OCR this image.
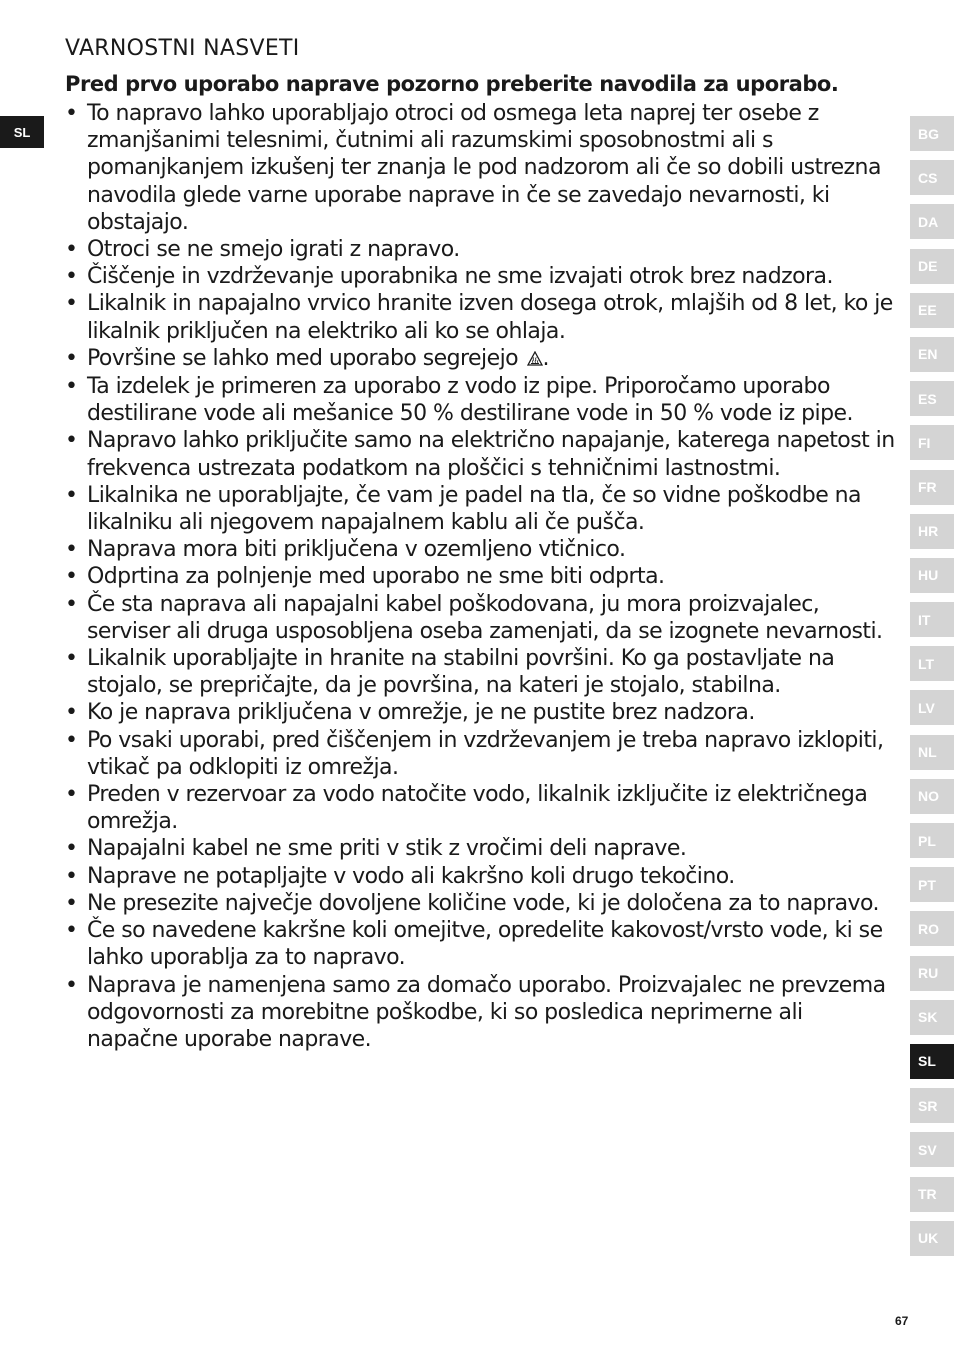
SL
VARNOSTNI NASVETI

Pred prvo uporabo naprave pozorno preberite navodila za uporabo.

• To napravo lahko uporabljajo otroci od osmega leta naprej ter osebe z zmanjšanimi telesnimi, čutnimi ali razumskimi sposobnostmi ali s pomanjkanjem izkušenj ter znanja le pod nadzorom ali če so dobili ustrezna navodila glede varne uporabe naprave in če se zavedajo nevarnosti, ki obstajajo.
• Otroci se ne smejo igrati z napravo.
• Čiščenje in vzdrževanje uporabnika ne sme izvajati otrok brez nadzora.
• Likalnik in napajalno vrvico hranite izven dosega otrok, mlajših od 8 let, ko je likalnik priključen na elektriko ali ko se ohlaja.
• Površine se lahko med uporabo segrejejo .
• Ta izdelek je primeren za uporabo z vodo iz pipe. Priporočamo uporabo destilirane vode ali mešanice 50 % destilirane vode in 50 % vode iz pipe.
• Napravo lahko priključite samo na električno napajanje, katerega napetost in frekvenca ustrezata podatkom na ploščici s tehničnimi lastnostmi.
• Likalnika ne uporabljajte, če vam je padel na tla, če so vidne poškodbe na likalniku ali njegovem napajalnem kablu ali če pušča.
• Naprava mora biti priključena v ozemljeno vtičnico.
• Odprtina za polnjenje med uporabo ne sme biti odprta.
• Če sta naprava ali napajalni kabel poškodovana, ju mora proizvajalec, serviser ali druga usposobljena oseba zamenjati, da se izognete nevarnosti.
• Likalnik uporabljajte in hranite na stabilni površini. Ko ga postavljate na stojalo, se prepričajte, da je površina, na kateri je stojalo, stabilna.
• Ko je naprava priključena v omrežje, je ne pustite brez nadzora.
• Po vsaki uporabi, pred čiščenjem in vzdrževanjem je treba napravo izklopiti, vtikač pa odklopiti iz omrežja.
• Preden v rezervoar za vodo natočite vodo, likalnik izključite iz električnega omrežja.
• Napajalni kabel ne sme priti v stik z vročimi deli naprave.
• Naprave ne potapljajte v vodo ali kakršno koli drugo tekočino.
• Ne presezite največje dovoljene količine vode, ki je določena za to napravo.
• Če so navedene kakršne koli omejitve, opredelite kakovost/vrsto vode, ki se lahko uporablja za to napravo.
• Naprava je namenjena samo za domačo uporabo. Proizvajalec ne prevzema odgovornosti za morebitne poškodbe, ki so posledica neprimerne ali napačne uporabe naprave.
BG
CS
DA
DE
EE
EN
ES
FI
FR
HR
HU
IT
LT
LV
NL
NO
PL
PT
RO
RU
SK
SL
SR
SV
TR
UK
67
